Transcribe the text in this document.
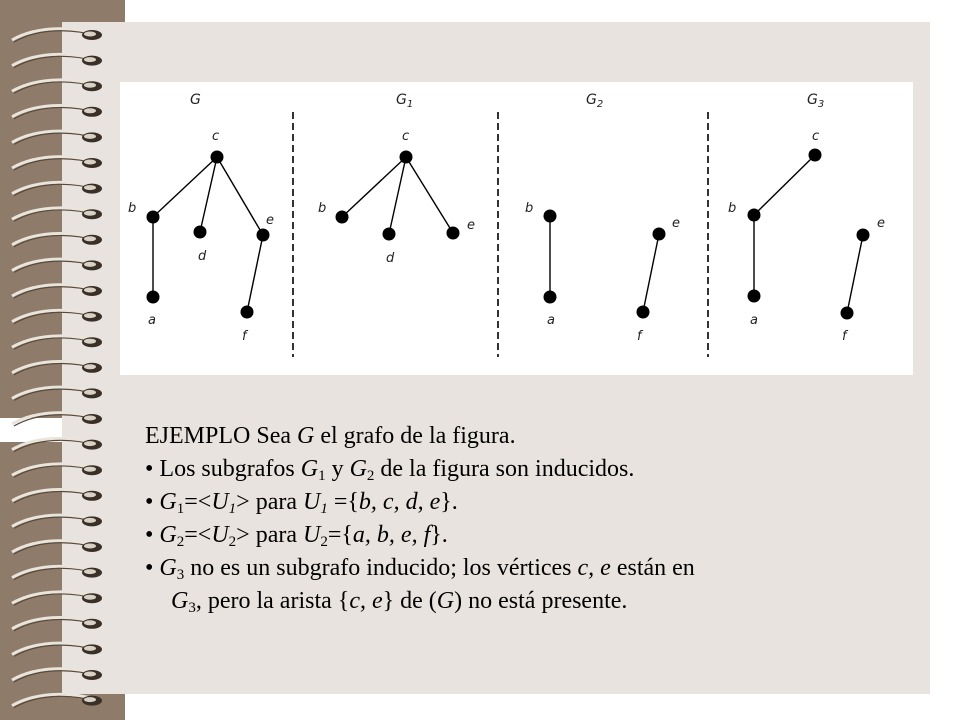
G
c
b
d
e
a
f
$G_1$
c
b
d
e
$G_2$
b
a
e
f
$G_3$
c
b
a
e
f
EJEMPLO Sea G el grafo de la figura.
• Los subgrafos $G_1$ y $G_2$ de la figura son inducidos.
• $G_1=<U_1>$ para $U_1 =\{b$, c, d, e}.
• $G_2=<U_2>$ para $U_2=\{a$, b, e, f}.
• $G_3$ no es un subgrafo inducido; los vértices c, e están en
$G_3$, pero la arista {c, e} de (G) no está presente.
